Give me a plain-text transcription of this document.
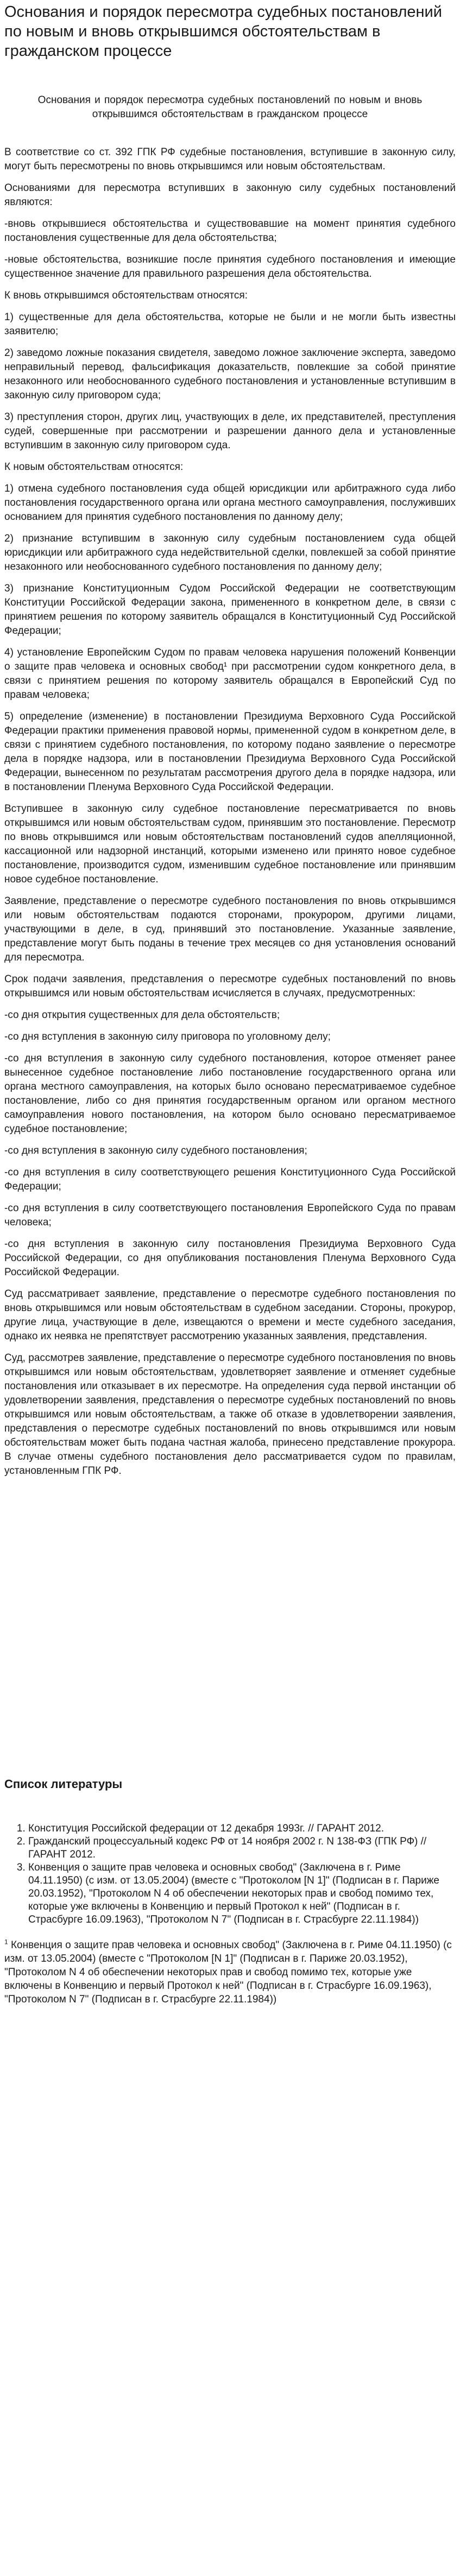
Основания и порядок пересмотра судебных постановлений по новым и вновь открывшимся обстоятельствам в гражданском процессе
Основания и порядок пересмотра судебных постановлений по новым и вновь открывшимся обстоятельствам в гражданском процессе

В соответствие со ст. 392 ГПК РФ судебные постановления, вступившие в законную силу, могут быть пересмотрены по вновь открывшимся или новым обстоятельствам.

Основаниями для пересмотра вступивших в законную силу судебных постановлений являются:

-вновь открывшиеся обстоятельства и существовавшие на момент принятия судебного постановления существенные для дела обстоятельства;

-новые обстоятельства, возникшие после принятия судебного постановления и имеющие существенное значение для правильного разрешения дела обстоятельства.

К вновь открывшимся обстоятельствам относятся:

1) существенные для дела обстоятельства, которые не были и не могли быть известны заявителю;

2) заведомо ложные показания свидетеля, заведомо ложное заключение эксперта, заведомо неправильный перевод, фальсификация доказательств, повлекшие за собой принятие незаконного или необоснованного судебного постановления и установленные вступившим в законную силу приговором суда;

3) преступления сторон, других лиц, участвующих в деле, их представителей, преступления судей, совершенные при рассмотрении и разрешении данного дела и установленные вступившим в законную силу приговором суда.

К новым обстоятельствам относятся:

1) отмена судебного постановления суда общей юрисдикции или арбитражного суда либо постановления государственного органа или органа местного самоуправления, послуживших основанием для принятия судебного постановления по данному делу;

2) признание вступившим в законную силу судебным постановлением суда общей юрисдикции или арбитражного суда недействительной сделки, повлекшей за собой принятие незаконного или необоснованного судебного постановления по данному делу;

3) признание Конституционным Судом Российской Федерации не соответствующим Конституции Российской Федерации закона, примененного в конкретном деле, в связи с принятием решения по которому заявитель обращался в Конституционный Суд Российской Федерации;

4) установление Европейским Судом по правам человека нарушения положений Конвенции о защите прав человека и основных свобод¹ при рассмотрении судом конкретного дела, в связи с принятием решения по которому заявитель обращался в Европейский Суд по правам человека;

5) определение (изменение) в постановлении Президиума Верховного Суда Российской Федерации практики применения правовой нормы, примененной судом в конкретном деле, в связи с принятием судебного постановления, по которому подано заявление о пересмотре дела в порядке надзора, или в постановлении Президиума Верховного Суда Российской Федерации, вынесенном по результатам рассмотрения другого дела в порядке надзора, или в постановлении Пленума Верховного Суда Российской Федерации.

Вступившее в законную силу судебное постановление пересматривается по вновь открывшимся или новым обстоятельствам судом, принявшим это постановление. Пересмотр по вновь открывшимся или новым обстоятельствам постановлений судов апелляционной, кассационной или надзорной инстанций, которыми изменено или принято новое судебное постановление, производится судом, изменившим судебное постановление или принявшим новое судебное постановление.

Заявление, представление о пересмотре судебного постановления по вновь открывшимся или новым обстоятельствам подаются сторонами, прокурором, другими лицами, участвующими в деле, в суд, принявший это постановление. Указанные заявление, представление могут быть поданы в течение трех месяцев со дня установления оснований для пересмотра.

Срок подачи заявления, представления о пересмотре судебных постановлений по вновь открывшимся или новым обстоятельствам исчисляется в случаях, предусмотренных:

-со дня открытия существенных для дела обстоятельств;

-со дня вступления в законную силу приговора по уголовному делу;

-со дня вступления в законную силу судебного постановления, которое отменяет ранее вынесенное судебное постановление либо постановление государственного органа или органа местного самоуправления, на которых было основано пересматриваемое судебное постановление, либо со дня принятия государственным органом или органом местного самоуправления нового постановления, на котором было основано пересматриваемое судебное постановление;

-со дня вступления в законную силу судебного постановления;

-со дня вступления в силу соответствующего решения Конституционного Суда Российской Федерации;

-со дня вступления в силу соответствующего постановления Европейского Суда по правам человека;

-со дня вступления в законную силу постановления Президиума Верховного Суда Российской Федерации, со дня опубликования постановления Пленума Верховного Суда Российской Федерации.

Суд рассматривает заявление, представление о пересмотре судебного постановления по вновь открывшимся или новым обстоятельствам в судебном заседании. Стороны, прокурор, другие лица, участвующие в деле, извещаются о времени и месте судебного заседания, однако их неявка не препятствует рассмотрению указанных заявления, представления.

Суд, рассмотрев заявление, представление о пересмотре судебного постановления по вновь открывшимся или новым обстоятельствам, удовлетворяет заявление и отменяет судебные постановления или отказывает в их пересмотре. На определения суда первой инстанции об удовлетворении заявления, представления о пересмотре судебных постановлений по вновь открывшимся или новым обстоятельствам, а также об отказе в удовлетворении заявления, представления о пересмотре судебных постановлений по вновь открывшимся или новым обстоятельствам может быть подана частная жалоба, принесено представление прокурора. В случае отмены судебного постановления дело рассматривается судом по правилам, установленным ГПК РФ.

Список литературы
1. Конституция Российской федерации от 12 декабря 1993г. // ГАРАНТ 2012.
2. Гражданский процессуальный кодекс РФ от 14 ноября 2002 г. N 138-ФЗ (ГПК РФ) // ГАРАНТ 2012.
3. Конвенция о защите прав человека и основных свобод" (Заключена в г. Риме 04.11.1950) (с изм. от 13.05.2004) (вместе с "Протоколом [N 1]" (Подписан в г. Париже 20.03.1952), "Протоколом N 4 об обеспечении некоторых прав и свобод помимо тех, которые уже включены в Конвенцию и первый Протокол к ней" (Подписан в г. Страсбурге 16.09.1963), "Протоколом N 7" (Подписан в г. Страсбурге 22.11.1984))

$^1$ Конвенция о защите прав человека и основных свобод" (Заключена в г. Риме 04.11.1950) (с изм. от 13.05.2004) (вместе с "Протоколом [N 1]" (Подписан в г. Париже 20.03.1952), "Протоколом N 4 об обеспечении некоторых прав и свобод помимо тех, которые уже включены в Конвенцию и первый Протокол к ней" (Подписан в г. Страсбурге 16.09.1963), "Протоколом N 7" (Подписан в г. Страсбурге 22.11.1984))
